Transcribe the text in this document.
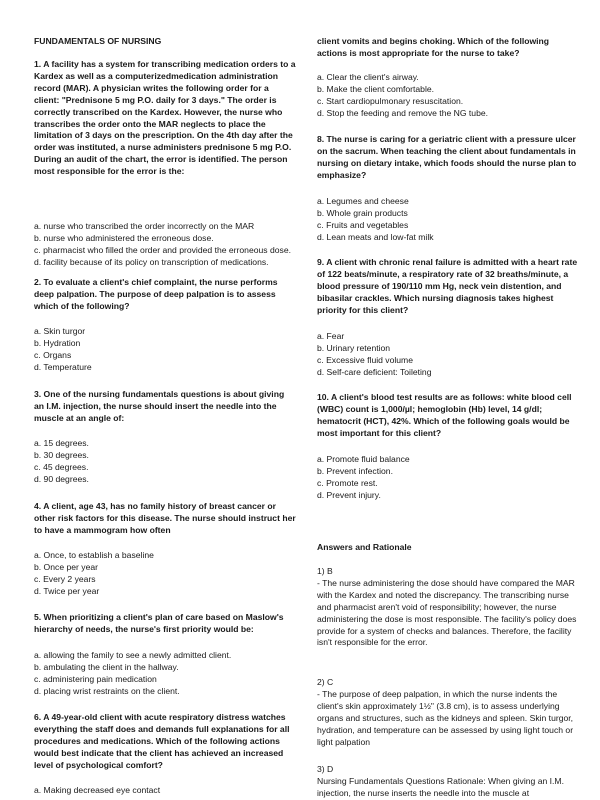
FUNDAMENTALS OF NURSING

1. A facility has a system for transcribing medication orders to a Kardex as well as a computerizedmedication administration record (MAR). A physician writes the following order for a client: "Prednisone 5 mg P.O. daily for 3 days." The order is correctly transcribed on the Kardex. However, the nurse who transcribes the order onto the MAR neglects to place the limitation of 3 days on the prescription. On the 4th day after the order was instituted, a nurse administers prednisone 5 mg P.O. During an audit of the chart, the error is identified. The person most responsible for the error is the:

a. nurse who transcribed the order incorrectly on the MAR
b. nurse who administered the erroneous dose.
c. pharmacist who filled the order and provided the erroneous dose.
d. facility because of its policy on transcription of medications.

2. To evaluate a client's chief complaint, the nurse performs deep palpation. The purpose of deep palpation is to assess which of the following?

a. Skin turgor
b. Hydration
c. Organs
d. Temperature

3. One of the nursing fundamentals questions is about giving an I.M. injection, the nurse should insert the needle into the muscle at an angle of:

a. 15 degrees.
b. 30 degrees.
c. 45 degrees.
d. 90 degrees.

4. A client, age 43, has no family history of breast cancer or other risk factors for this disease. The nurse should instruct her to have a mammogram how often

a. Once, to establish a baseline
b. Once per year
c. Every 2 years
d. Twice per year

5. When prioritizing a client's plan of care based on Maslow's hierarchy of needs, the nurse's first priority would be:

a. allowing the family to see a newly admitted client.
b. ambulating the client in the hallway.
c. administering pain medication
d. placing wrist restraints on the client.

6. A 49-year-old client with acute respiratory distress watches everything the staff does and demands full explanations for all procedures and medications. Which of the following actions would best indicate that the client has achieved an increased level of psychological comfort?

a. Making decreased eye contact

client vomits and begins choking. Which of the following actions is most appropriate for the nurse to take?

a. Clear the client's airway.
b. Make the client comfortable.
c. Start cardiopulmonary resuscitation.
d. Stop the feeding and remove the NG tube.

8. The nurse is caring for a geriatric client with a pressure ulcer on the sacrum. When teaching the client about fundamentals in nursing on dietary intake, which foods should the nurse plan to emphasize?

a. Legumes and cheese
b. Whole grain products
c. Fruits and vegetables
d. Lean meats and low-fat milk

9. A client with chronic renal failure is admitted with a heart rate of 122 beats/minute, a respiratory rate of 32 breaths/minute, a blood pressure of 190/110 mm Hg, neck vein distention, and bibasilar crackles. Which nursing diagnosis takes highest priority for this client?

a. Fear
b. Urinary retention
c. Excessive fluid volume
d. Self-care deficient: Toileting

10. A client's blood test results are as follows: white blood cell (WBC) count is 1,000/µl; hemoglobin (Hb) level, 14 g/dl; hematocrit (HCT), 42%. Which of the following goals would be most important for this client?

a. Promote fluid balance
b. Prevent infection.
c. Promote rest.
d. Prevent injury.

Answers and Rationale

1) B

- The nurse administering the dose should have compared the MAR with the Kardex and noted the discrepancy. The transcribing nurse and pharmacist aren't void of responsibility; however, the nurse administering the dose is most responsible. The facility's policy does provide for a system of checks and balances. Therefore, the facility isn't responsible for the error.

2) C

- The purpose of deep palpation, in which the nurse indents the client's skin approximately 1½" (3.8 cm), is to assess underlying organs and structures, such as the kidneys and spleen. Skin turgor, hydration, and temperature can be assessed by using light touch or light palpation

3) D

Nursing Fundamentals Questions Rationale: When giving an I.M. injection, the nurse inserts the needle into the muscle at
